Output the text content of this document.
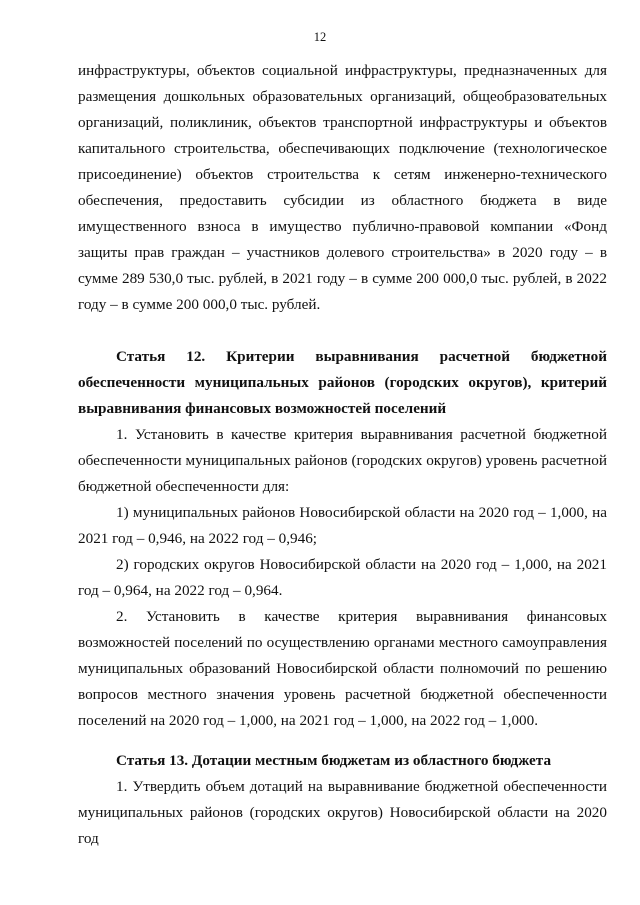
12

инфраструктуры, объектов социальной инфраструктуры, предназначенных для

размещения дошкольных образовательных организаций, общеобразовательных

организаций, поликлиник, объектов транспортной инфраструктуры и объектов

капитального строительства, обеспечивающих подключение (технологическое

присоединение) объектов строительства к сетям инженерно-технического

обеспечения, предоставить субсидии из областного бюджета в виде

имущественного взноса в имущество публично-правовой компании «Фонд

защиты прав граждан – участников долевого строительства» в 2020 году – в

сумме 289 530,0 тыс. рублей, в 2021 году – в сумме 200 000,0 тыс. рублей, в 2022

году – в сумме 200 000,0 тыс. рублей.

Статья 12. Критерии выравнивания расчетной бюджетной

обеспеченности муниципальных районов (городских округов), критерий

выравнивания финансовых возможностей поселений

1. Установить в качестве критерия выравнивания расчетной бюджетной

обеспеченности муниципальных районов (городских округов) уровень расчетной

бюджетной обеспеченности для:

1) муниципальных районов Новосибирской области на 2020 год – 1,000, на

2021 год – 0,946, на 2022 год – 0,946;

2) городских округов Новосибирской области на 2020 год – 1,000, на 2021

год – 0,964, на 2022 год – 0,964.

2. Установить в качестве критерия выравнивания финансовых

возможностей поселений по осуществлению органами местного самоуправления

муниципальных образований Новосибирской области полномочий по решению

вопросов местного значения уровень расчетной бюджетной обеспеченности

поселений на 2020 год – 1,000, на 2021 год – 1,000, на 2022 год – 1,000.

Статья 13. Дотации местным бюджетам из областного бюджета

1. Утвердить объем дотаций на выравнивание бюджетной обеспеченности

муниципальных районов (городских округов) Новосибирской области на 2020 год
